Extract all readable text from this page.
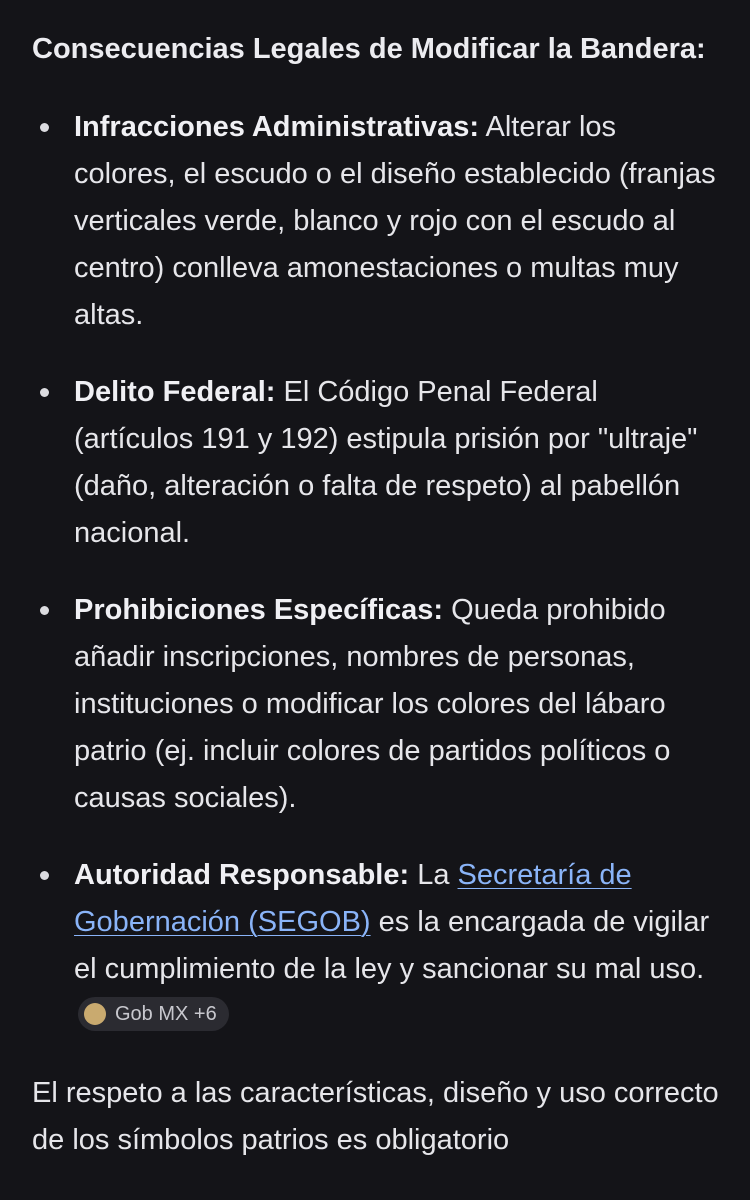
Consecuencias Legales de Modificar la Bandera:
Infracciones Administrativas: Alterar los colores, el escudo o el diseño establecido (franjas verticales verde, blanco y rojo con el escudo al centro) conlleva amonestaciones o multas muy altas.
Delito Federal: El Código Penal Federal (artículos 191 y 192) estipula prisión por "ultraje" (daño, alteración o falta de respeto) al pabellón nacional.
Prohibiciones Específicas: Queda prohibido añadir inscripciones, nombres de personas, instituciones o modificar los colores del lábaro patrio (ej. incluir colores de partidos políticos o causas sociales).
Autoridad Responsable: La Secretaría de Gobernación (SEGOB) es la encargada de vigilar el cumplimiento de la ley y sancionar su mal uso.
Gob MX +6
El respeto a las características, diseño y uso correcto de los símbolos patrios es obligatorio
